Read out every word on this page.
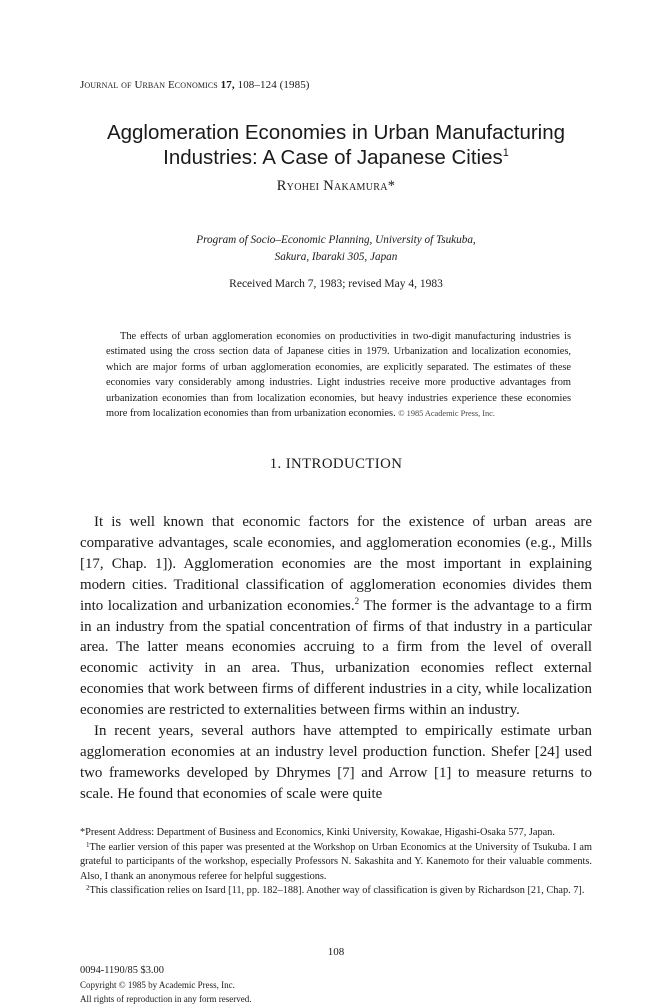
Journal of Urban Economics 17, 108–124 (1985)
Agglomeration Economies in Urban Manufacturing
Industries: A Case of Japanese Cities$^1$
Ryohei Nakamura*
Program of Socio–Economic Planning, University of Tsukuba,
Sakura, Ibaraki 305, Japan
Received March 7, 1983; revised May 4, 1983
The effects of urban agglomeration economies on productivities in two-digit manufacturing industries is estimated using the cross section data of Japanese cities in 1979. Urbanization and localization economies, which are major forms of urban agglomeration economies, are explicitly separated. The estimates of these economies vary considerably among industries. Light industries receive more productive advantages from urbanization economies than from localization economies, but heavy industries experience these economies more from localization economies than from urbanization economies. © 1985 Academic Press, Inc.
1. INTRODUCTION

It is well known that economic factors for the existence of urban areas are comparative advantages, scale economies, and agglomeration economies (e.g., Mills [17, Chap. 1]). Agglomeration economies are the most important in explaining modern cities. Traditional classification of agglomeration economies divides them into localization and urbanization economies.$^2$ The former is the advantage to a firm in an industry from the spatial concentration of firms of that industry in a particular area. The latter means economies accruing to a firm from the level of overall economic activity in an area. Thus, urbanization economies reflect external economies that work between firms of different industries in a city, while localization economies are restricted to externalities between firms within an industry.

In recent years, several authors have attempted to empirically estimate urban agglomeration economies at an industry level production function. Shefer [24] used two frameworks developed by Dhrymes [7] and Arrow [1] to measure returns to scale. He found that economies of scale were quite

*Present Address: Department of Business and Economics, Kinki University, Kowakae, Higashi-Osaka 577, Japan.

$^1$The earlier version of this paper was presented at the Workshop on Urban Economics at the University of Tsukuba. I am grateful to participants of the workshop, especially Professors N. Sakashita and Y. Kanemoto for their valuable comments. Also, I thank an anonymous referee for helpful suggestions.

$^2$This classification relies on Isard [11, pp. 182–188]. Another way of classification is given by Richardson [21, Chap. 7].

108
0094-1190/85 $3.00
Copyright © 1985 by Academic Press, Inc.
All rights of reproduction in any form reserved.
